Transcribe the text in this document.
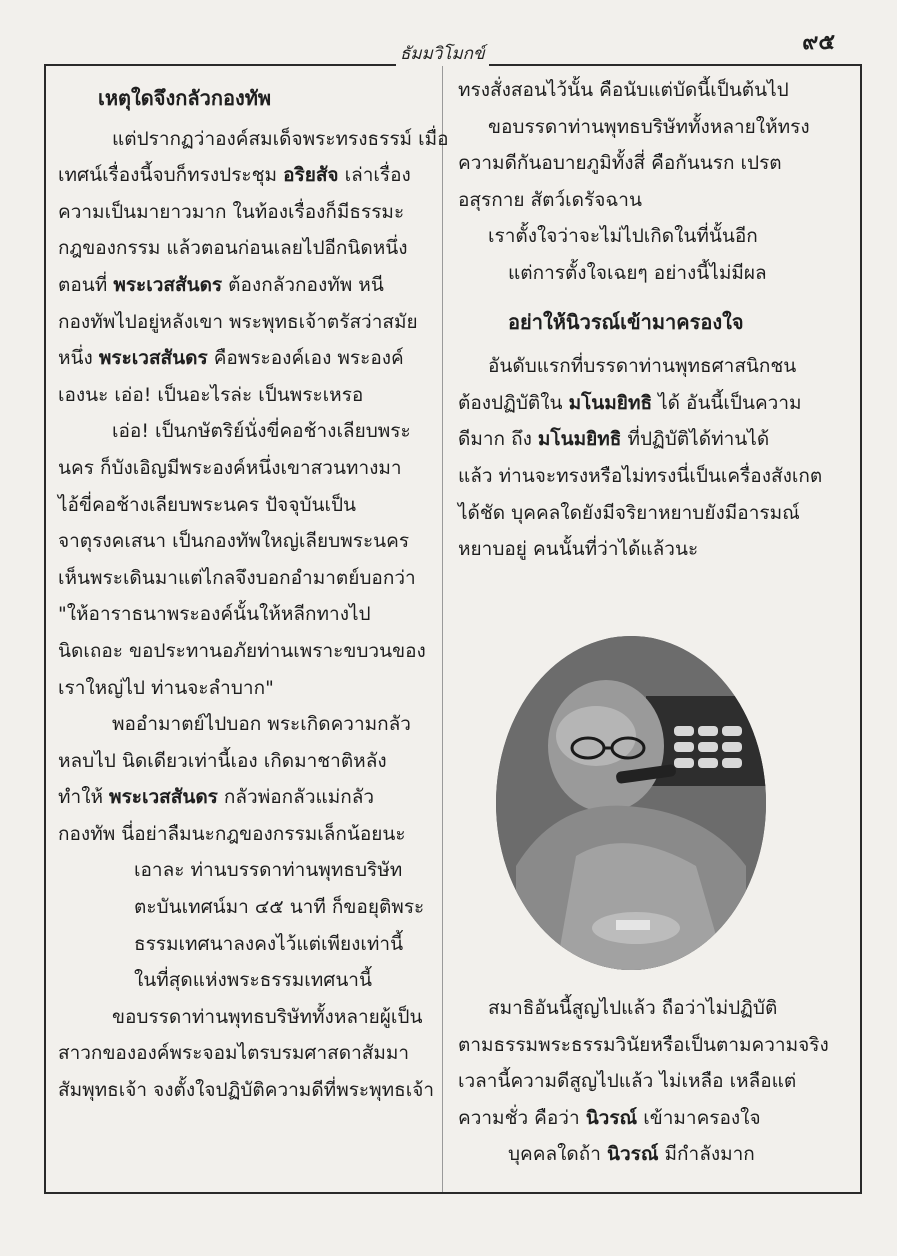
๙๕
ธัมมวิโมกข์

เหตุใดจึงกลัวกองทัพ

แต่ปรากฏว่าองค์สมเด็จพระทรงธรรม์ เมื่อ

เทศน์เรื่องนี้จบก็ทรงประชุม อริยสัจ เล่าเรื่อง

ความเป็นมายาวมาก ในท้องเรื่องก็มีธรรมะ

กฎของกรรม แล้วตอนก่อนเลยไปอีกนิดหนึ่ง

ตอนที่ พระเวสสันดร ต้องกลัวกองทัพ หนี

กองทัพไปอยู่หลังเขา พระพุทธเจ้าตรัสว่าสมัย

หนึ่ง พระเวสสันดร คือพระองค์เอง พระองค์

เองนะ เอ่อ! เป็นอะไรล่ะ เป็นพระเหรอ

เอ่อ! เป็นกษัตริย์นั่งขี่คอช้างเลียบพระ

นคร ก็บังเอิญมีพระองค์หนึ่งเขาสวนทางมา

ไอ้ขี่คอช้างเลียบพระนคร ปัจจุบันเป็น

จาตุรงคเสนา เป็นกองทัพใหญ่เลียบพระนคร

เห็นพระเดินมาแต่ไกลจึงบอกอำมาตย์บอกว่า

"ให้อาราธนาพระองค์นั้นให้หลีกทางไป

นิดเถอะ ขอประทานอภัยท่านเพราะขบวนของ

เราใหญ่ไป ท่านจะลำบาก"

พออำมาตย์ไปบอก พระเกิดความกลัว

หลบไป นิดเดียวเท่านี้เอง เกิดมาชาติหลัง

ทำให้ พระเวสสันดร กลัวพ่อกลัวแม่กลัว

กองทัพ นี่อย่าลืมนะกฎของกรรมเล็กน้อยนะ

เอาละ ท่านบรรดาท่านพุทธบริษัท

ตะบันเทศน์มา ๔๕ นาที ก็ขอยุติพระ

ธรรมเทศนาลงคงไว้แต่เพียงเท่านี้

ในที่สุดแห่งพระธรรมเทศนานี้

ขอบรรดาท่านพุทธบริษัททั้งหลายผู้เป็น

สาวกขององค์พระจอมไตรบรมศาสดาสัมมา

สัมพุทธเจ้า จงตั้งใจปฏิบัติความดีที่พระพุทธเจ้า

ทรงสั่งสอนไว้นั้น คือนับแต่บัดนี้เป็นต้นไป

ขอบรรดาท่านพุทธบริษัททั้งหลายให้ทรง

ความดีกันอบายภูมิทั้งสี่ คือกันนรก เปรต

อสุรกาย สัตว์เดรัจฉาน

เราตั้งใจว่าจะไม่ไปเกิดในที่นั้นอีก

แต่การตั้งใจเฉยๆ อย่างนี้ไม่มีผล

อย่าให้นิวรณ์เข้ามาครองใจ

อันดับแรกที่บรรดาท่านพุทธศาสนิกชน

ต้องปฏิบัติใน มโนมยิทธิ ได้ อันนี้เป็นความ

ดีมาก ถึง มโนมยิทธิ ที่ปฏิบัติได้ท่านได้

แล้ว ท่านจะทรงหรือไม่ทรงนี่เป็นเครื่องสังเกต

ได้ชัด บุคคลใดยังมีจริยาหยาบยังมีอารมณ์

หยาบอยู่ คนนั้นที่ว่าได้แล้วนะ

สมาธิอันนี้สูญไปแล้ว ถือว่าไม่ปฏิบัติ

ตามธรรมพระธรรมวินัยหรือเป็นตามความจริง

เวลานี้ความดีสูญไปแล้ว ไม่เหลือ เหลือแต่

ความชั่ว คือว่า นิวรณ์ เข้ามาครองใจ

บุคคลใดถ้า นิวรณ์ มีกำลังมาก
